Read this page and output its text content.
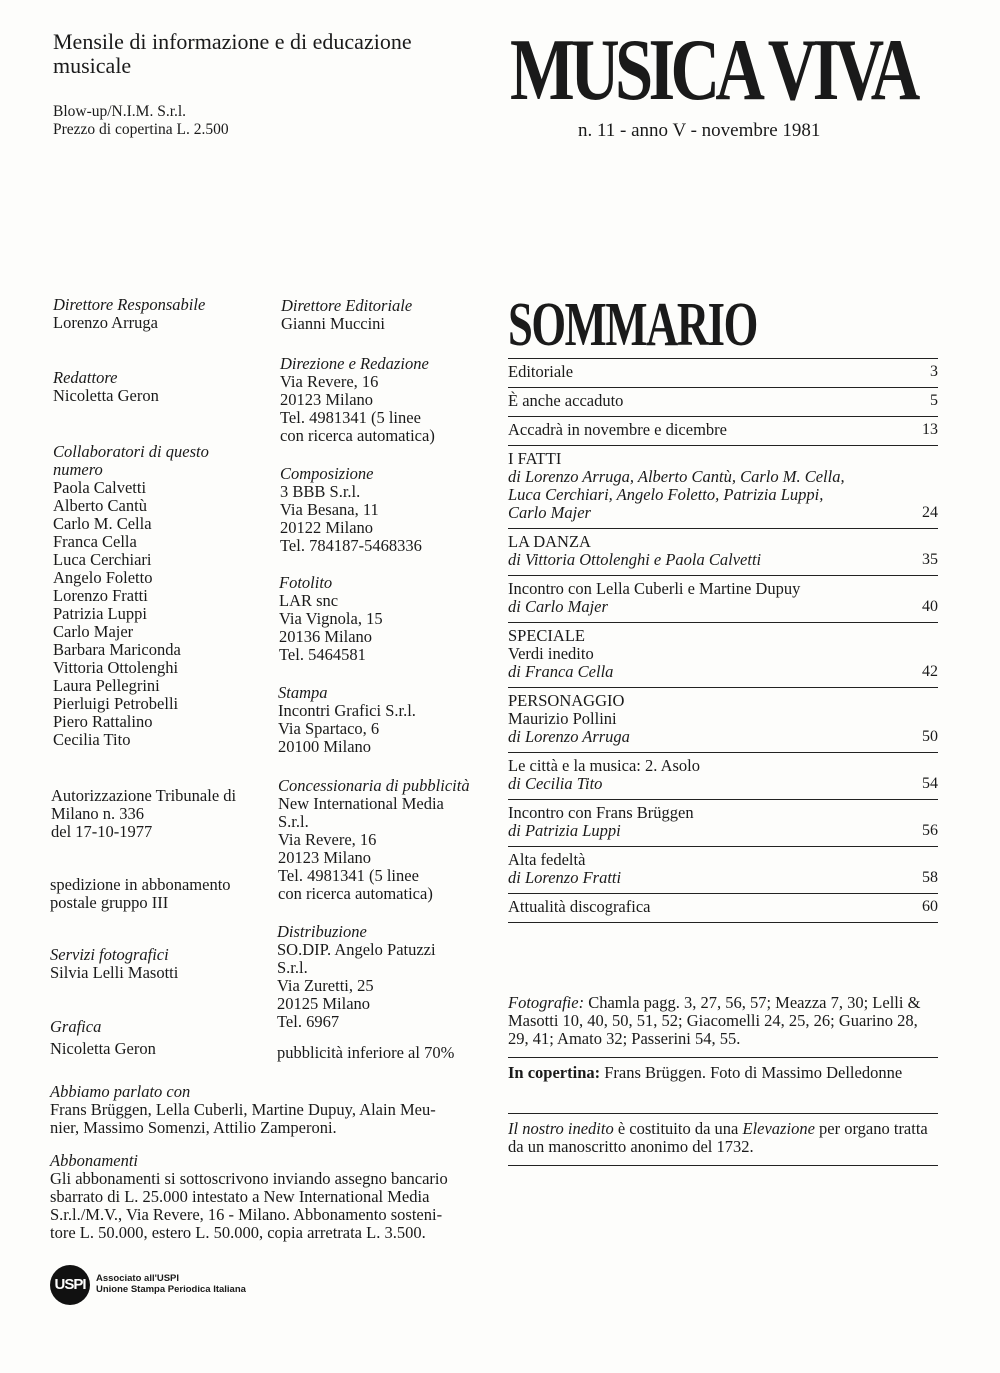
Mensile di informazione e di educazione musicale
Blow-up/N.I.M. S.r.l.
Prezzo di copertina L. 2.500
MUSICA VIVA
n. 11 - anno V - novembre 1981
Direttore Responsabile
Lorenzo Arruga
Redattore
Nicoletta Geron
Collaboratori di questo numero
Paola Calvetti
Alberto Cantù
Carlo M. Cella
Franca Cella
Luca Cerchiari
Angelo Foletto
Lorenzo Fratti
Patrizia Luppi
Carlo Majer
Barbara Mariconda
Vittoria Ottolenghi
Laura Pellegrini
Pierluigi Petrobelli
Piero Rattalino
Cecilia Tito
Autorizzazione Tribunale di
Milano n. 336
del 17-10-1977
spedizione in abbonamento
postale gruppo III
Servizi fotografici
Silvia Lelli Masotti
Grafica
Nicoletta Geron
Direttore Editoriale
Gianni Muccini
Direzione e Redazione
Via Revere, 16
20123 Milano
Tel. 4981341 (5 linee
con ricerca automatica)
Composizione
3 BBB S.r.l.
Via Besana, 11
20122 Milano
Tel. 784187-5468336
Fotolito
LAR snc
Via Vignola, 15
20136 Milano
Tel. 5464581
Stampa
Incontri Grafici S.r.l.
Via Spartaco, 6
20100 Milano
Concessionaria di pubblicità
New International Media
S.r.l.
Via Revere, 16
20123 Milano
Tel. 4981341 (5 linee
con ricerca automatica)
Distribuzione
SO.DIP. Angelo Patuzzi
S.r.l.
Via Zuretti, 25
20125 Milano
Tel. 6967
pubblicità inferiore al 70%
SOMMARIO
Editoriale	3
È anche accaduto	5
Accadrà in novembre e dicembre	13
I FATTI
di Lorenzo Arruga, Alberto Cantù, Carlo M. Cella,
Luca Cerchiari, Angelo Foletto, Patrizia Luppi,
Carlo Majer	24
LA DANZA
di Vittoria Ottolenghi e Paola Calvetti	35
Incontro con Lella Cuberli e Martine Dupuy
di Carlo Majer	40
SPECIALE
Verdi inedito
di Franca Cella	42
PERSONAGGIO
Maurizio Pollini
di Lorenzo Arruga	50
Le città e la musica: 2. Asolo
di Cecilia Tito	54
Incontro con Frans Brüggen
di Patrizia Luppi	56
Alta fedeltà
di Lorenzo Fratti	58
Attualità discografica	60
Fotografie: Chamla pagg. 3, 27, 56, 57; Meazza 7, 30; Lelli & Masotti 10, 40, 50, 51, 52; Giacomelli 24, 25, 26; Guarino 28, 29, 41; Amato 32; Passerini 54, 55.
In copertina: Frans Brüggen. Foto di Massimo Delledonne
Il nostro inedito è costituito da una Elevazione per organo tratta da un manoscritto anonimo del 1732.
Abbiamo parlato con
Frans Brüggen, Lella Cuberli, Martine Dupuy, Alain Meu-
nier, Massimo Somenzi, Attilio Zamperoni.
Abbonamenti
Gli abbonamenti si sottoscrivono inviando assegno bancario
sbarrato di L. 25.000 intestato a New International Media
S.r.l./M.V., Via Revere, 16 - Milano. Abbonamento sosteni-
tore L. 50.000, estero L. 50.000, copia arretrata L. 3.500.
USPI	Associato all'USPI
Unione Stampa Periodica Italiana
